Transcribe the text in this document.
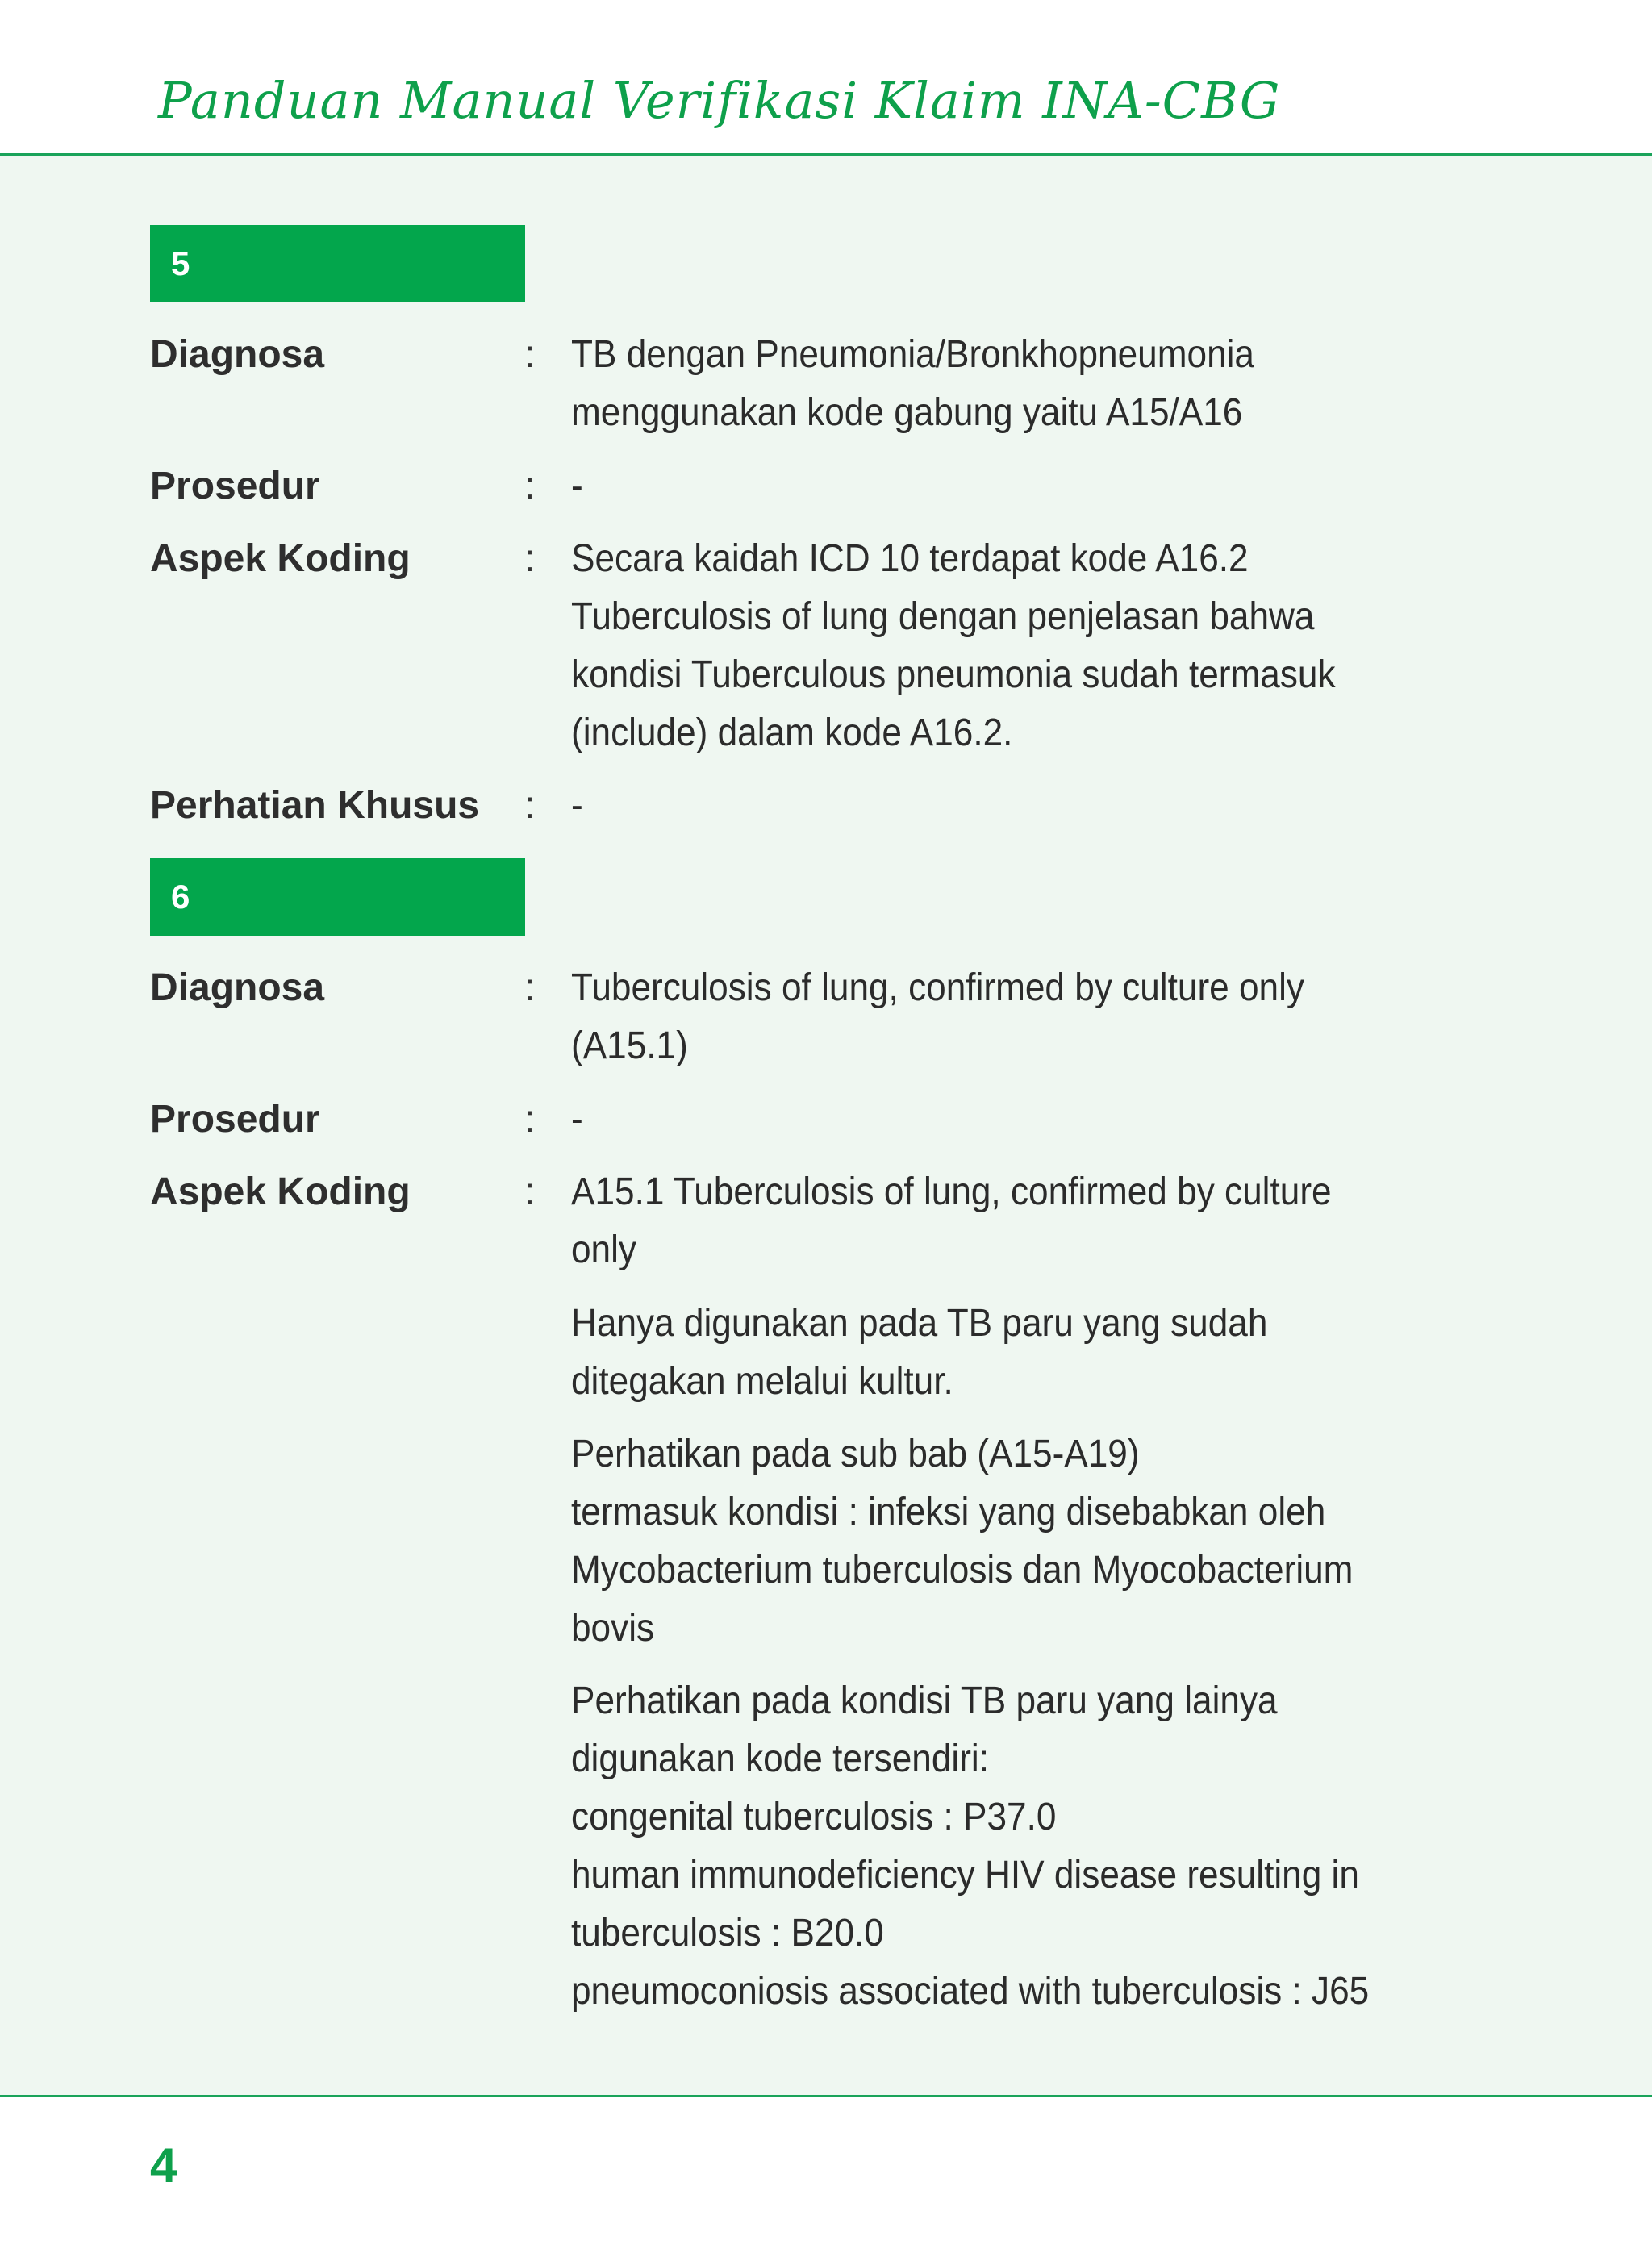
Panduan Manual Verifikasi Klaim INA-CBG
5
Diagnosa	: TB dengan Pneumonia/Bronkhopneumonia
menggunakan kode gabung yaitu A15/A16
Prosedur	: -
Aspek Koding	: Secara kaidah ICD 10 terdapat kode A16.2
Tuberculosis of lung dengan penjelasan bahwa
kondisi Tuberculous pneumonia sudah termasuk
(include) dalam kode A16.2.
Perhatian Khusus : -
6
Diagnosa	: Tuberculosis of lung, confirmed by culture only
(A15.1)
Prosedur	: -
Aspek Koding	: A15.1 Tuberculosis of lung, confirmed by culture
only
Hanya digunakan pada TB paru yang sudah
ditegakan melalui kultur.
Perhatikan pada sub bab (A15-A19)
termasuk kondisi : infeksi yang disebabkan oleh
Mycobacterium tuberculosis dan Myocobacterium
bovis
Perhatikan pada kondisi TB paru yang lainya
digunakan kode tersendiri:
congenital tuberculosis : P37.0
human immunodeficiency HIV disease resulting in
tuberculosis : B20.0
pneumoconiosis associated with tuberculosis : J65
4
